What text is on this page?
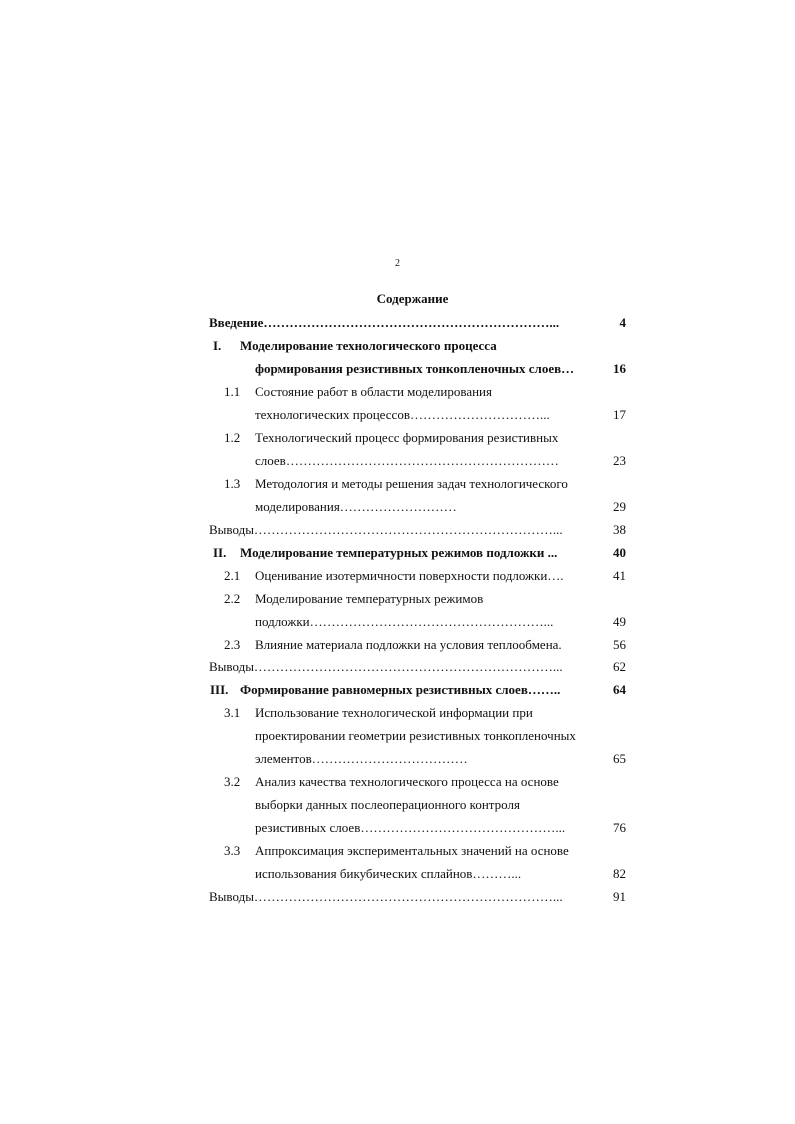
2
Содержание
Введение…………………………………………………………...	4
I. Моделирование технологического процесса
формирования резистивных тонкопленочных слоев…	16
1.1 Состояние работ в области моделирования
технологических процессов…………………………...	17
1.2 Технологический процесс формирования резистивных
слоев………………………………………………………	23
1.3 Методология и методы решения задач технологического
моделирования………………………	29
Выводы……………………………………………………………...	38
II. Моделирование температурных режимов подложки ...	40
2.1 Оценивание изотермичности поверхности подложки….	41
2.2 Моделирование температурных режимов
подложки………………………………………………...	49
2.3 Влияние материала подложки на условия теплообмена.	56
Выводы……………………………………………………………...	62
III. Формирование равномерных резистивных слоев……..	64
3.1 Использование технологической информации при
проектировании геометрии резистивных тонкопленочных
элементов………………………………	65
3.2 Анализ качества технологического процесса на основе
выборки данных послеоперационного контроля
резистивных слоев………………………………………...	76
3.3 Аппроксимация экспериментальных значений на основе
использования бикубических сплайнов………...	82
Выводы……………………………………………………………...	91
